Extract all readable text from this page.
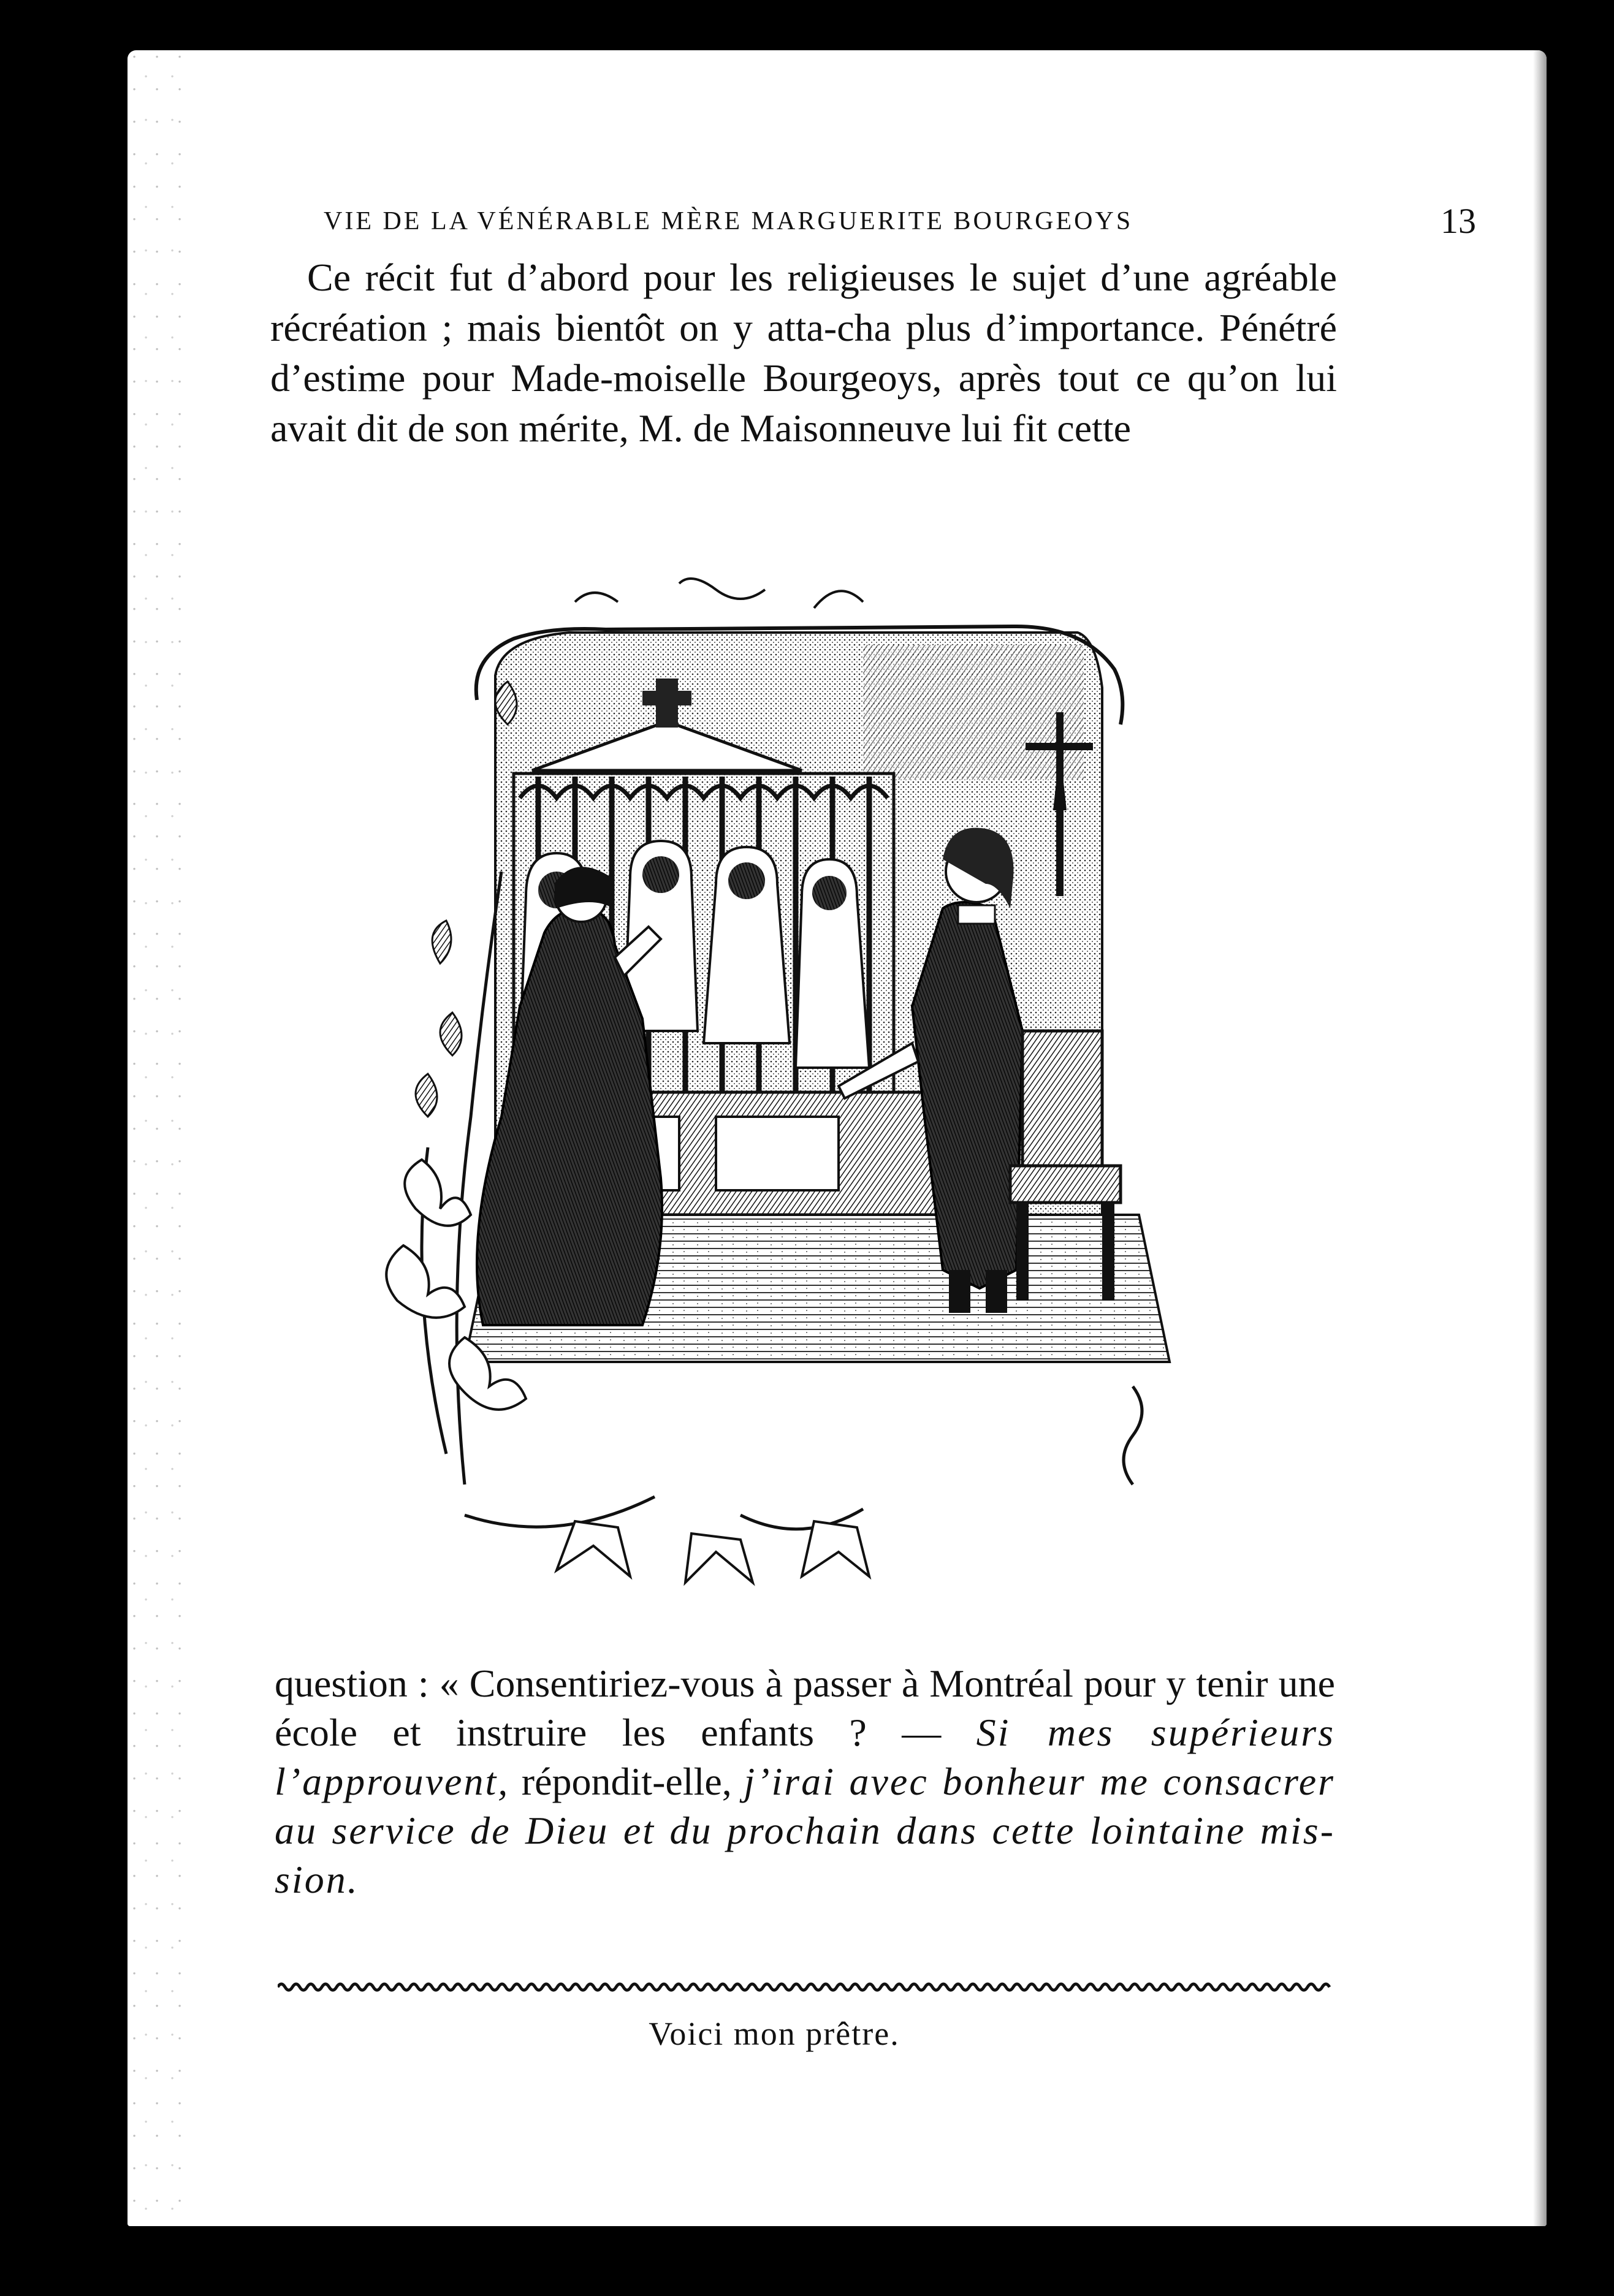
VIE DE LA VÉNÉRABLE MÈRE MARGUERITE BOURGEOYS	13

Ce récit fut d’abord pour les religieuses le sujet d’une agréable récréation ; mais bientôt on y atta-cha plus d’importance. Pénétré d’estime pour Made-moiselle Bourgeoys, après tout ce qu’on lui avait dit de son mérite, M. de Maisonneuve lui fit cette

question : « Consentiriez-vous à passer à Montréal pour y tenir une école et instruire les enfants ? — Si mes supérieurs l’approuvent, répondit-elle, j’irai avec bonheur me consacrer au service de Dieu et du prochain dans cette lointaine mis-sion.

Voici mon prêtre.
